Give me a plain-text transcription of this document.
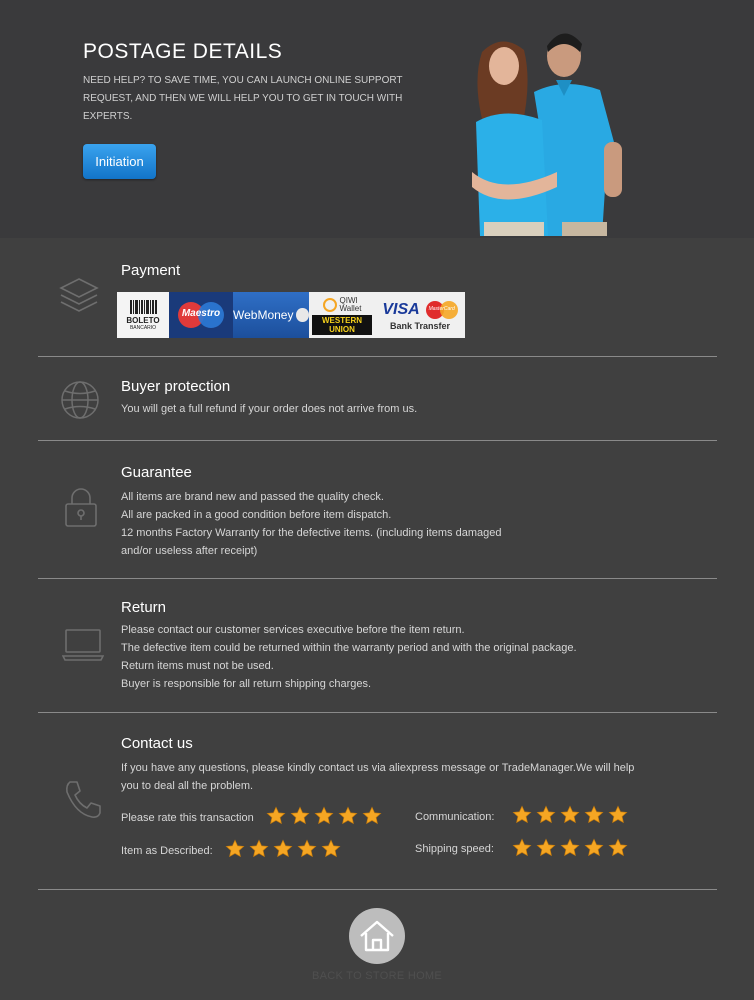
POSTAGE DETAILS
NEED HELP? TO SAVE TIME, YOU CAN LAUNCH ONLINE SUPPORT
REQUEST, AND THEN WE WILL HELP YOU TO GET IN TOUCH WITH
EXPERTS.
Initiation
Payment
BOLETO
BANCARIO
Maestro	WebMoney
QIWI
Wallet
WESTERN
UNION
VISA	MasterCard
Bank Transfer
Buyer protection
You will get a full refund if your order does not arrive from us.
Guarantee
All items are brand new and passed the quality check.
All are packed in a good condition before item dispatch.
12 months Factory Warranty for the defective items. (including items damaged
and/or useless after receipt)
Return
Please contact our customer services executive before the item return.
The defective item could be returned within the warranty period and with the original package.
Return items must not be used.
Buyer is responsible for all return shipping charges.
Contact us
If you have any questions, please kindly contact us via aliexpress message or TradeManager.We will help
you to deal all the problem.
Please rate this transaction	Communication:
Item as Described:	Shipping speed:
BACK TO STORE HOME
